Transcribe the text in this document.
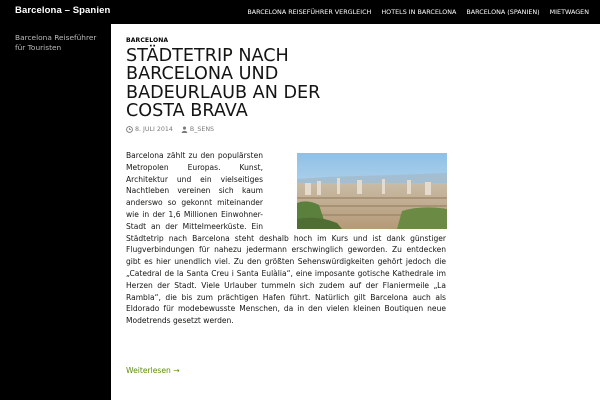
Barcelona – Spanien	BARCELONA REISEFÜHRER VERGLEICH	HOTELS IN BARCELONA	BARCELONA (SPANIEN)	MIETWAGEN
Barcelona Reiseführer für Touristen
BARCELONA
STÄDTETRIP NACH BARCELONA UND BADEURLAUB AN DER COSTA BRAVA
8. JULI 2014	B_SENS

Barcelona zählt zu den populärsten Metropolen Europas. Kunst, Architektur und ein vielseitiges Nachtleben vereinen sich kaum anderswo so gekonnt miteinander wie in der 1,6 Millionen Einwohner-Stadt an der Mittelmeerküste. Ein Städtetrip nach Barcelona steht deshalb hoch im Kurs und ist dank günstiger Flugverbindungen für nahezu jedermann erschwinglich geworden. Zu entdecken gibt es hier unendlich viel. Zu den größten Sehenswürdigkeiten gehört jedoch die „Catedral de la Santa Creu i Santa Eulàlia“, eine imposante gotische Kathedrale im Herzen der Stadt. Viele Urlauber tummeln sich zudem auf der Flaniermeile „La Rambla“, die bis zum prächtigen Hafen führt. Natürlich gilt Barcelona auch als Eldorado für modebewusste Menschen, da in den vielen kleinen Boutiquen neue Modetrends gesetzt werden.

Weiterlesen →
